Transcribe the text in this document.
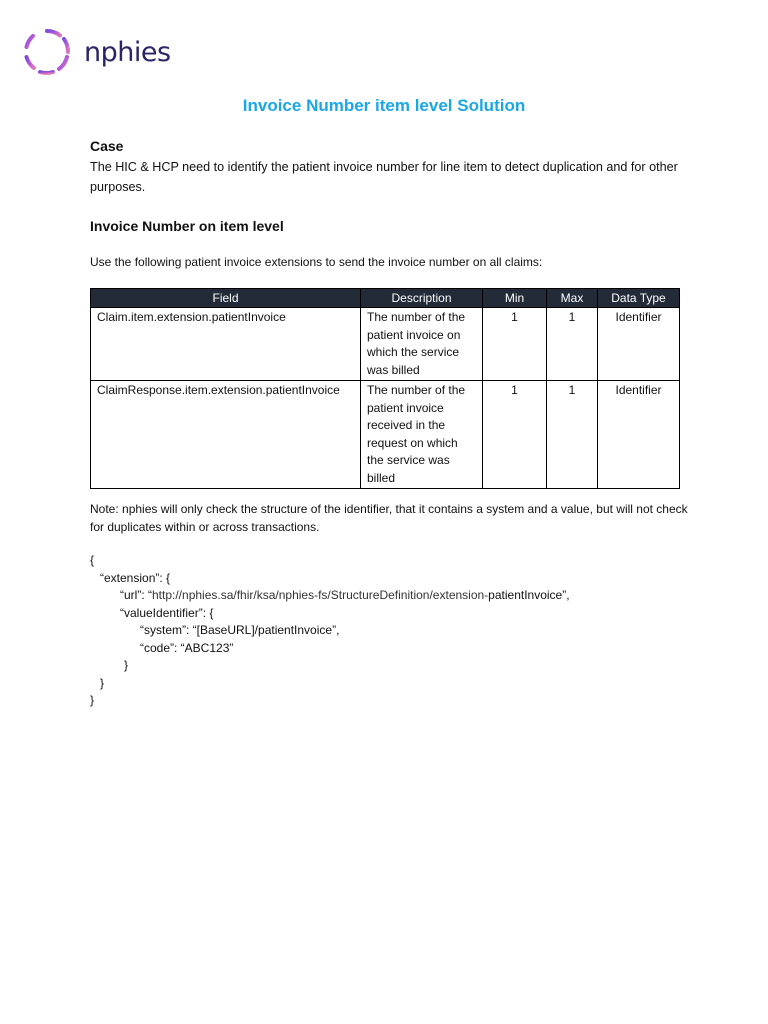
nphies
Invoice Number item level Solution
Case
The HIC & HCP need to identify the patient invoice number for line item to detect duplication and for other purposes.
Invoice Number on item level
Use the following patient invoice extensions to send the invoice number on all claims:
Field	Description	Min	Max	Data Type
Claim.item.extension.patientInvoice	The number of the patient invoice on which the service was billed	1	1	Identifier
ClaimResponse.item.extension.patientInvoice	The number of the patient invoice received in the request on which the service was billed	1	1	Identifier
Note: nphies will only check the structure of the identifier, that it contains a system and a value, but will not check for duplicates within or across transactions.
{
“extension”: {
“url”: “http://nphies.sa/fhir/ksa/nphies-fs/StructureDefinition/extension-patientInvoice”,
“valueIdentifier”: {
“system”: “[BaseURL]/patientInvoice”,
“code”: “ABC123”
}
}
}
